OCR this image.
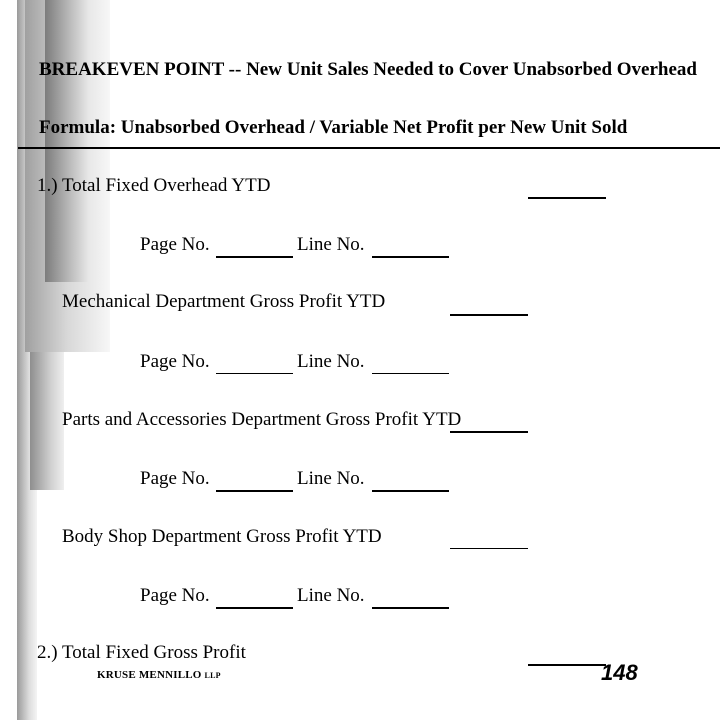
BREAKEVEN POINT -- New Unit Sales Needed to Cover Unabsorbed Overhead
Formula: Unabsorbed Overhead / Variable Net Profit per New Unit Sold
1.) Total Fixed Overhead YTD
Page No.	Line No.
Mechanical Department Gross Profit YTD
Page No.	Line No.
Parts and Accessories Department Gross Profit YTD
Page No.	Line No.
Body Shop Department Gross Profit YTD
Page No.	Line No.
2.) Total Fixed Gross Profit
KRUSE MENNILLO LLP	148
